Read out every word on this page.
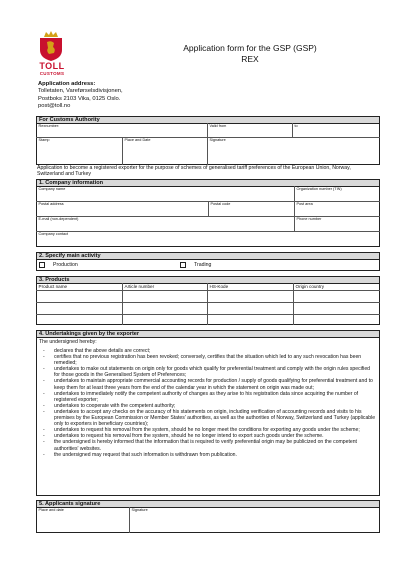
TOLL
CUSTOMS
Application form for the GSP (GSP)
REX
Application address:
Tolletaten, Vareførselsdivisjonen,
Postboks 2103 Vika, 0125 Oslo.
post@toll.no
For Customs Authority
Rexnumber:	Valid from	to
Stamp	Place and Date	Signature
Application to become a registered exporter for the purpose of schemes of generalised tariff preferences of the European Union, Norway, Switzerland and Turkey
1. Company information
Company name	Organization number (TIN)
Postal address	Postal code	Post area
E-mail (non-dependent)	Phone number
Company contact
2. Specify main activity
Production	Trading
3. Products
Product name	Article number	HS-Kode	Origin country
4. Undertakings given by the exporter
The undersigned hereby:
- declares that the above details are correct;
- certifies that no previous registration has been revoked; conversely, certifies that the situation which led to any such revocation has been remedied;
- undertakes to make out statements on origin only for goods which qualify for preferential treatment and comply with the origin rules specified for those goods in the Generalised System of Preferences;
- undertakes to maintain appropriate commercial accounting records for production / supply of goods qualifying for preferential treatment and to keep them for at least three years from the end of the calendar year in which the statement on origin was made out;
- undertakes to immediately notify the competent authority of changes as they arise to his registration data since acquiring the number of registered exporter;
- undertakes to cooperate with the competent authority;
- undertakes to accept any checks on the accuracy of his statements on origin, including verification of accounting records and visits to his premises by the European Commission or Member States' authorities, as well as the authorities of Norway, Switzerland and Turkey (applicable only to exporters in beneficiary countries);
- undertakes to request his removal from the system, should he no longer meet the conditions for exporting any goods under the scheme;
- undertakes to request his removal from the system, should he no longer intend to export such goods under the scheme.
- the undersigned is hereby informed that the information that is required to verify preferential origin may be publicized on the competent authorities' websites.
- the undersigned may request that such information is withdrawn from publication.
5. Applicants signature
Place and date	Signature
